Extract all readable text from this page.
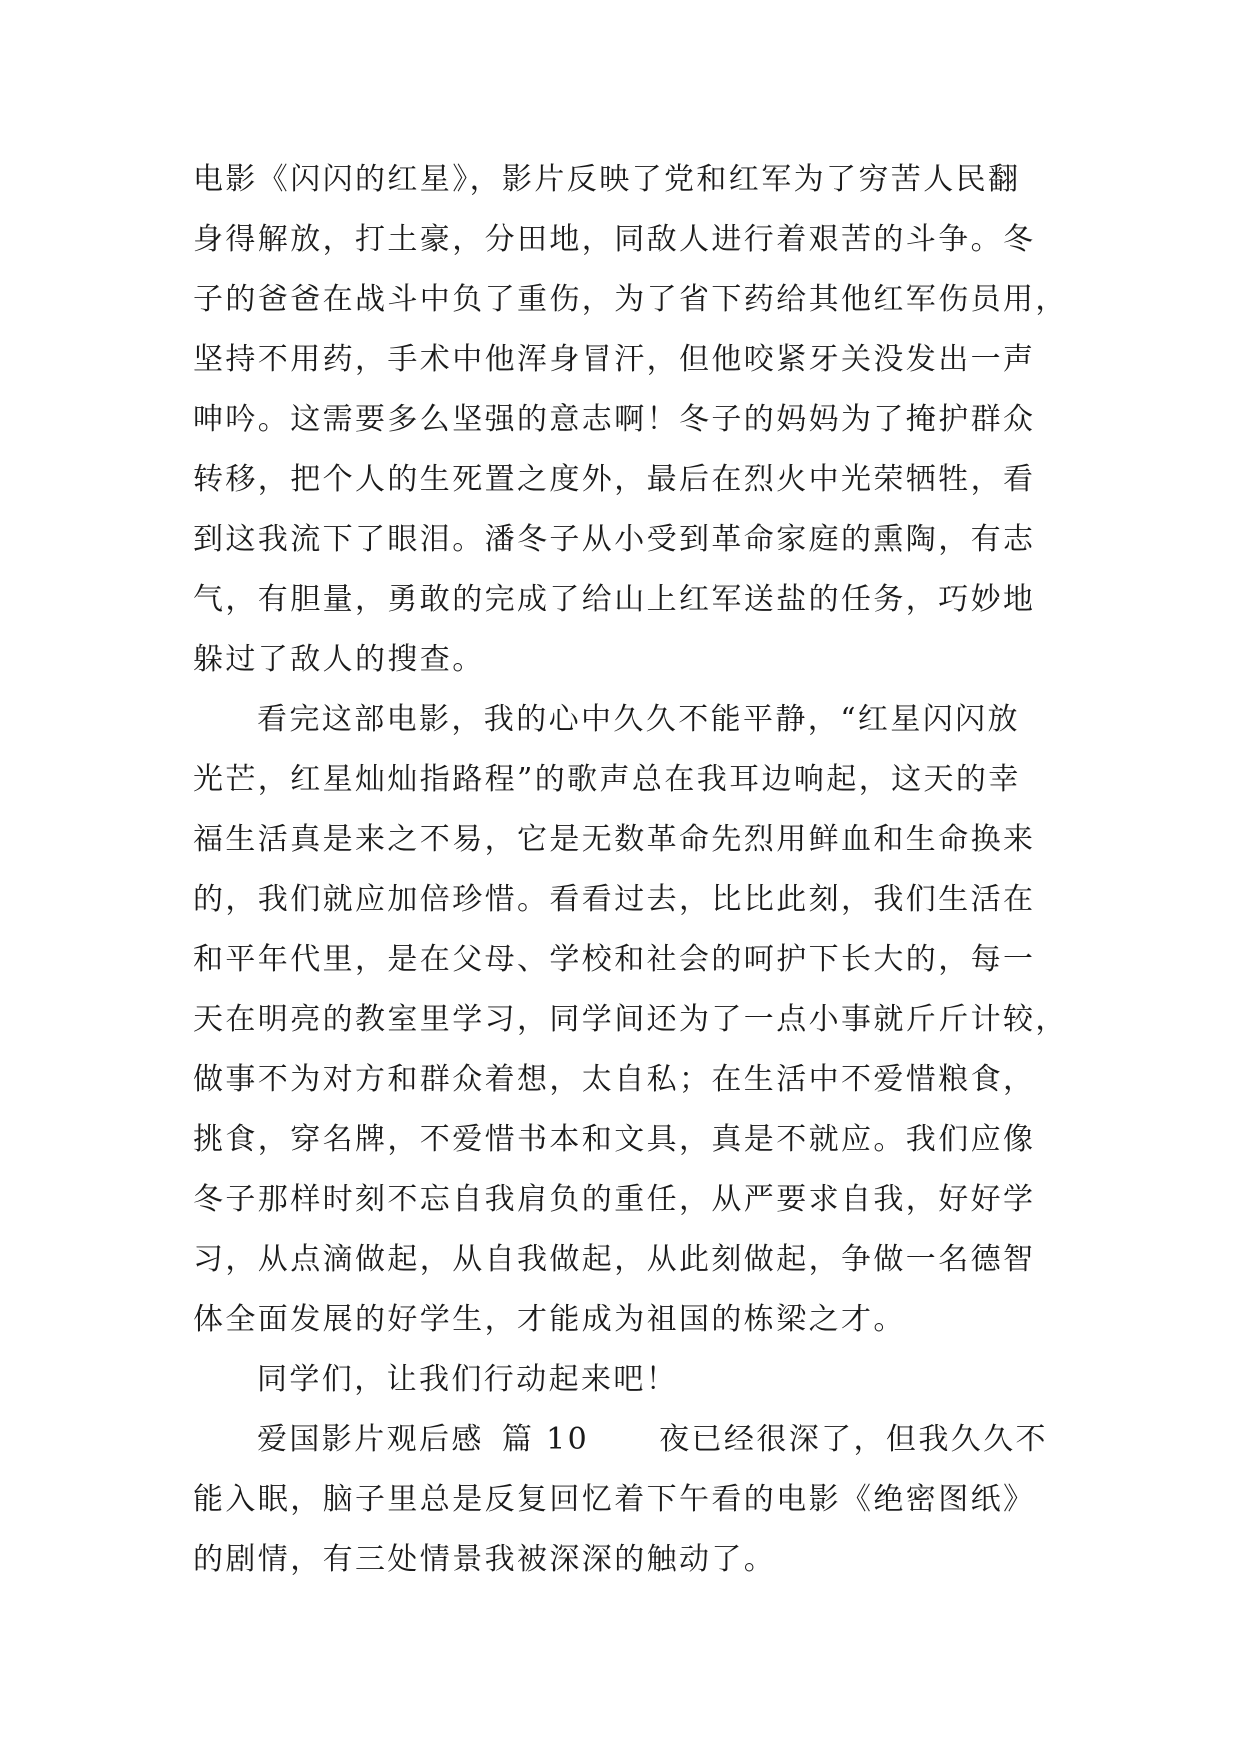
电影《闪闪的红星》，影片反映了党和红军为了穷苦人民翻
身得解放，打土豪，分田地，同敌人进行着艰苦的斗争。冬
子的爸爸在战斗中负了重伤，为了省下药给其他红军伤员用，
坚持不用药，手术中他浑身冒汗，但他咬紧牙关没发出一声
呻吟。这需要多么坚强的意志啊！冬子的妈妈为了掩护群众
转移，把个人的生死置之度外，最后在烈火中光荣牺牲，看
到这我流下了眼泪。潘冬子从小受到革命家庭的熏陶，有志
气，有胆量，勇敢的完成了给山上红军送盐的任务，巧妙地
躲过了敌人的搜查。
看完这部电影，我的心中久久不能平静，“红星闪闪放
光芒，红星灿灿指路程”的歌声总在我耳边响起，这天的幸
福生活真是来之不易，它是无数革命先烈用鲜血和生命换来
的，我们就应加倍珍惜。看看过去，比比此刻，我们生活在
和平年代里，是在父母、学校和社会的呵护下长大的，每一
天在明亮的教室里学习，同学间还为了一点小事就斤斤计较，
做事不为对方和群众着想，太自私；在生活中不爱惜粮食，
挑食，穿名牌，不爱惜书本和文具，真是不就应。我们应像
冬子那样时刻不忘自我肩负的重任，从严要求自我，好好学
习，从点滴做起，从自我做起，从此刻做起，争做一名德智
体全面发展的好学生，才能成为祖国的栋梁之才。
同学们，让我们行动起来吧！
爱国影片观后感 篇 10 夜已经很深了，但我久久不
能入眠，脑子里总是反复回忆着下午看的电影《绝密图纸》
的剧情，有三处情景我被深深的触动了。
